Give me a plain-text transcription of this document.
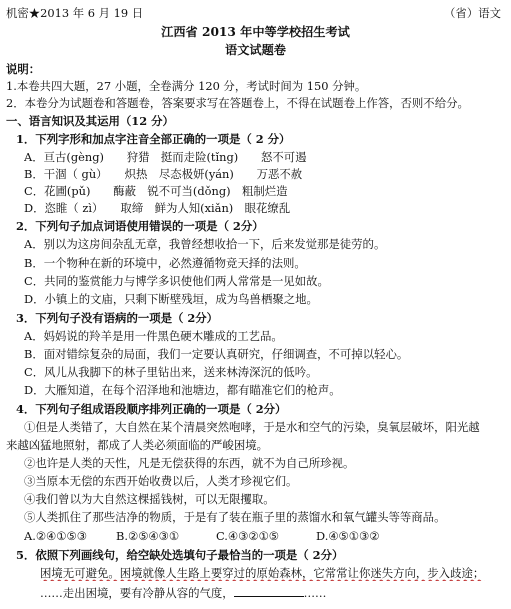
机密★2013 年 6 月 19 日	（省）语文
江西省 2013 年中等学校招生考试
语文试题卷
说明：
1.本卷共四大题，27 小题，全卷满分 120 分，考试时间为 150 分钟。
2．本卷分为试题卷和答题卷，答案要求写在答题卷上，不得在试题卷上作答，否则不给分。
一、语言知识及其运用（12 分）
1．下列字形和加点字注音全部正确的一项是（ 2 分）
A．亘古(gèng)　　狩猎　挺而走险(tǐng)　　怒不可遏
B．干涸（ gù）　　炽热　尽态极妍(yán)　　万恶不赦
C．花圃(pǔ)　　酶蔽　锐不可当(dǒng)　粗制烂造
D．恣睢（ zì）　　取缔　鲜为人知(xiǎn)　眼花缭乱
2．下列句子加点词语使用错误的一项是（ 2分）
A．别以为这房间杂乱无章，我曾经想收拾一下，后来发觉那是徒劳的。
B．一个物种在新的环境中，必然遵循物竞天择的法则。
C．共同的鉴赏能力与博学多识使他们两人常常是一见如故。
D．小镇上的文庙，只剩下断壁残垣，成为鸟兽栖聚之地。
3．下列句子没有语病的一项是（ 2分）
A．妈妈说的羚羊是用一件黑色硬木雕成的工艺品。
B．面对错综复杂的局面，我们一定要认真研究，仔细调查，不可掉以轻心。
C．风儿从我脚下的林子里钻出来，送来林涛深沉的低吟。
D．大雁知道，在每个沼泽地和池塘边，都有瞄准它们的枪声。
4．下列句子组成语段顺序排列正确的一项是（ 2分）
①但是人类错了，大自然在某个清晨突然咆哮，于是水和空气的污染，臭氧层破坏，阳光越
来越凶猛地照射，都成了人类必须面临的严峻困境。
②也许是人类的天性，凡是无偿获得的东西，就不为自己所珍视。
③当原本无偿的东西开始收费以后，人类才珍视它们。
④我们曾以为大自然这棵摇钱树，可以无限攫取。
⑤人类抓住了那些洁净的物质，于是有了装在瓶子里的蒸馏水和氧气罐头等等商品。
A.②④①⑤③	B.②⑤④③①	C.④③②①⑤	D.④⑤①③②
5．依照下列画线句，给空缺处选填句子最恰当的一项是（ 2分）
困境无可避免。困境就像人生路上要穿过的原始森林，它常常让你迷失方向，步入歧途；
……走出困境，要有冷静从容的气度，	……
